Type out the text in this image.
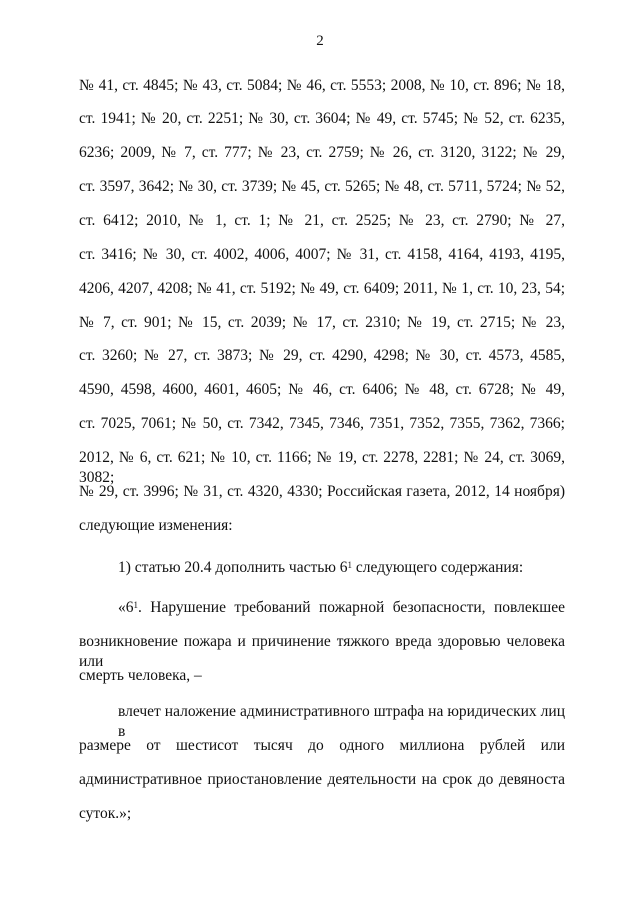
2
№ 41, ст. 4845; № 43, ст. 5084; № 46, ст. 5553; 2008, № 10, ст. 896; № 18,
ст. 1941; № 20, ст. 2251; № 30, ст. 3604; № 49, ст. 5745; № 52, ст. 6235,
6236; 2009, № 7, ст. 777; № 23, ст. 2759; № 26, ст. 3120, 3122; № 29,
ст. 3597, 3642; № 30, ст. 3739; № 45, ст. 5265; № 48, ст. 5711, 5724; № 52,
ст. 6412; 2010, № 1, ст. 1; № 21, ст. 2525; № 23, ст. 2790; № 27,
ст. 3416; № 30, ст. 4002, 4006, 4007; № 31, ст. 4158, 4164, 4193, 4195,
4206, 4207, 4208; № 41, ст. 5192; № 49, ст. 6409; 2011, № 1, ст. 10, 23, 54;
№ 7, ст. 901; № 15, ст. 2039; № 17, ст. 2310; № 19, ст. 2715; № 23,
ст. 3260; № 27, ст. 3873; № 29, ст. 4290, 4298; № 30, ст. 4573, 4585,
4590, 4598, 4600, 4601, 4605; № 46, ст. 6406; № 48, ст. 6728; № 49,
ст. 7025, 7061; № 50, ст. 7342, 7345, 7346, 7351, 7352, 7355, 7362, 7366;
2012, № 6, ст. 621; № 10, ст. 1166; № 19, ст. 2278, 2281; № 24, ст. 3069, 3082;
№ 29, ст. 3996; № 31, ст. 4320, 4330; Российская газета, 2012, 14 ноября)
следующие изменения:
1) статью 20.4 дополнить частью $6^1$ следующего содержания:
«$6^1$. Нарушение требований пожарной безопасности, повлекшее
возникновение пожара и причинение тяжкого вреда здоровью человека или
смерть человека, –
влечет наложение административного штрафа на юридических лиц в
размере от шестисот тысяч до одного миллиона рублей или
административное приостановление деятельности на срок до девяноста
суток.»;
